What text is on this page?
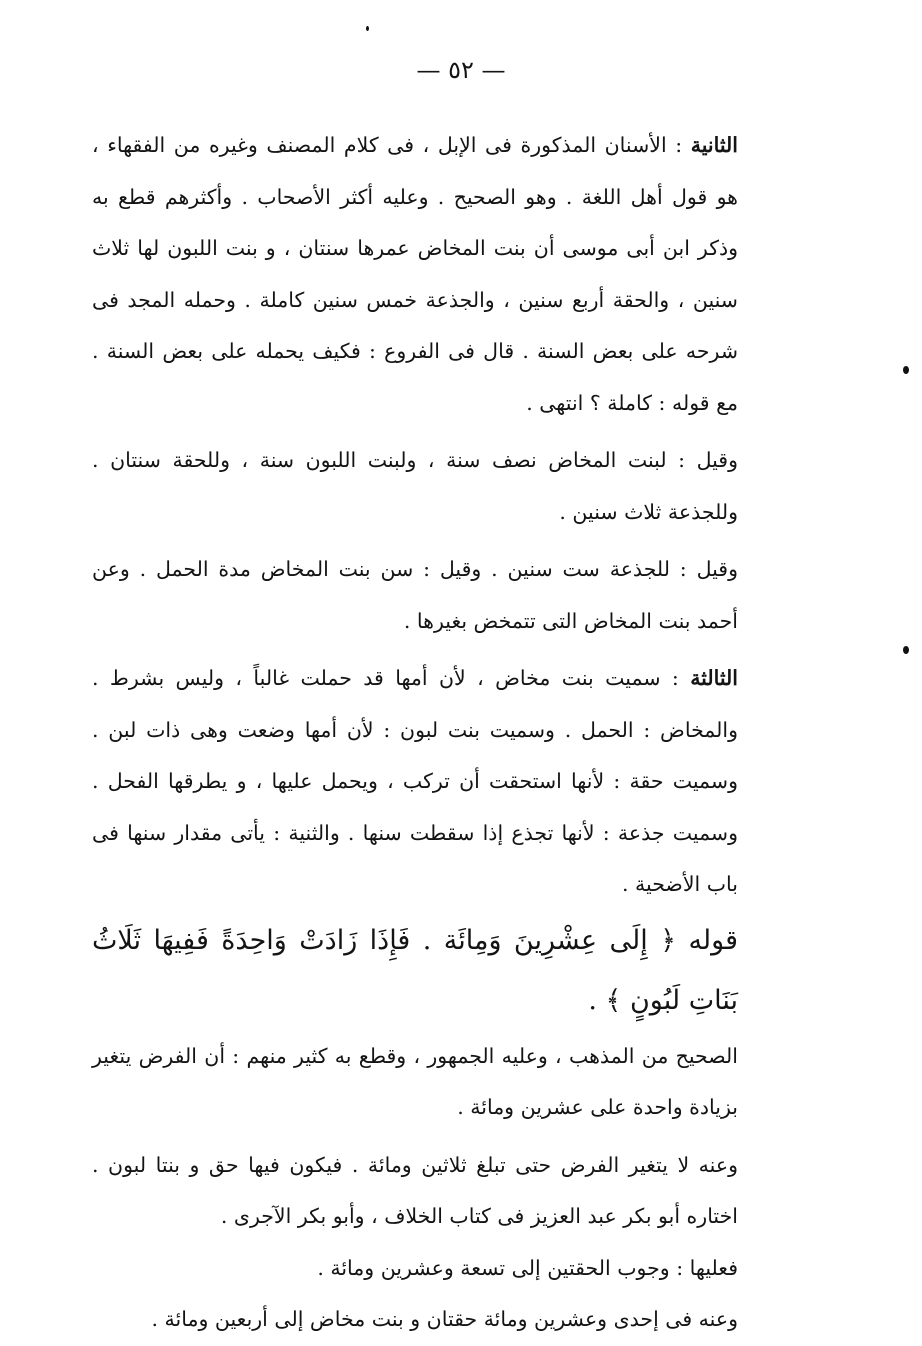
— ٥٢ —

الثانية : الأسنان المذكورة فى الإبل ، فى كلام المصنف وغيره من الفقهاء ، هو قول أهل اللغة . وهو الصحيح . وعليه أكثر الأصحاب . وأكثرهم قطع به وذكر ابن أبى موسى أن بنت المخاض عمرها سنتان ، و بنت اللبون لها ثلاث سنين ، والحقة أربع سنين ، والجذعة خمس سنين كاملة . وحمله المجد فى شرحه على بعض السنة . قال فى الفروع : فكيف يحمله على بعض السنة . مع قوله : كاملة ؟ انتهى .

وقيل : لبنت المخاض نصف سنة ، ولبنت اللبون سنة ، وللحقة سنتان . وللجذعة ثلاث سنين .

وقيل : للجذعة ست سنين . وقيل : سن بنت المخاض مدة الحمل . وعن أحمد بنت المخاض التى تتمخض بغيرها .

الثالثة : سميت بنت مخاض ، لأن أمها قد حملت غالباً ، وليس بشرط . والمخاض : الحمل . وسميت بنت لبون : لأن أمها وضعت وهى ذات لبن . وسميت حقة : لأنها استحقت أن تركب ، ويحمل عليها ، و يطرقها الفحل . وسميت جذعة : لأنها تجذع إذا سقطت سنها . والثنية : يأتى مقدار سنها فى باب الأضحية .

قوله ﴿ إِلَى عِشْرِينَ وَمِائَة . فَإِذَا زَادَتْ وَاحِدَةً فَفِيهَا ثَلَاثُ بَنَاتِ لَبُونٍ ﴾ .

الصحيح من المذهب ، وعليه الجمهور ، وقطع به كثير منهم : أن الفرض يتغير بزيادة واحدة على عشرين ومائة .

وعنه لا يتغير الفرض حتى تبلغ ثلاثين ومائة . فيكون فيها حق و بنتا لبون . اختاره أبو بكر عبد العزيز فى كتاب الخلاف ، وأبو بكر الآجرى .

فعليها : وجوب الحقتين إلى تسعة وعشرين ومائة .

وعنه فى إحدى وعشرين ومائة حقتان و بنت مخاض إلى أربعين ومائة .
